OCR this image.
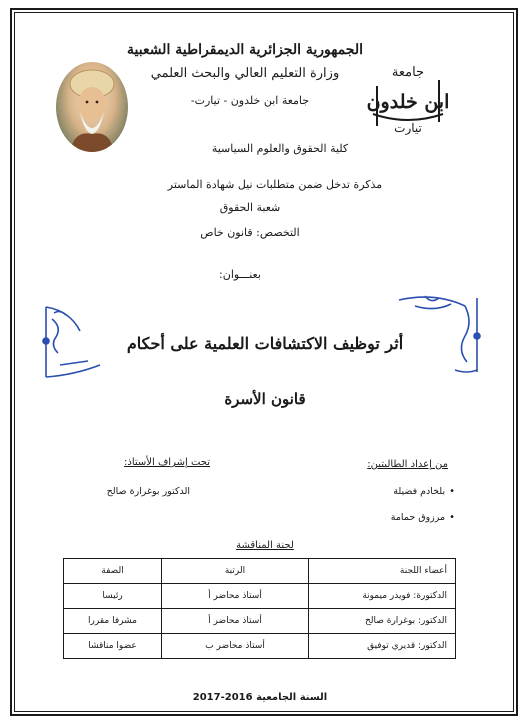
جامعة
ابن خلدون
تيارت
الجمهورية الجزائرية الديمقراطية الشعبية
وزارة التعليم العالي والبحث العلمي
جامعة ابن خلدون - تيارت-
كلية الحقوق والعلوم السياسية
مذكرة تدخل ضمن متطلبات نيل شهادة الماستر
شعبة الحقوق
التخصص: قانون خاص
بعنـــوان:
أثر توظيف الاكتشافات العلمية على أحكام
قانون الأسرة
تحت إشراف الأستاذ:	من إعداد الطالبتين:
الدكتور بوغرارة صالح	•بلخادم فضيلة
•مرزوق حمامة
لجنة المناقشة
أعضاء اللجنة	الرتبة	الصفة
الدكتورة: فويدر ميمونة	أستاذ محاضر أ	رئيسا
الدكتور: بوغرارة صالح	أستاذ محاضر أ	مشرفا مقررا
الدكتور: قديري توفيق	أستاذ محاضر ب	عضوا مناقشا
السنة الجامعية 2016-2017
